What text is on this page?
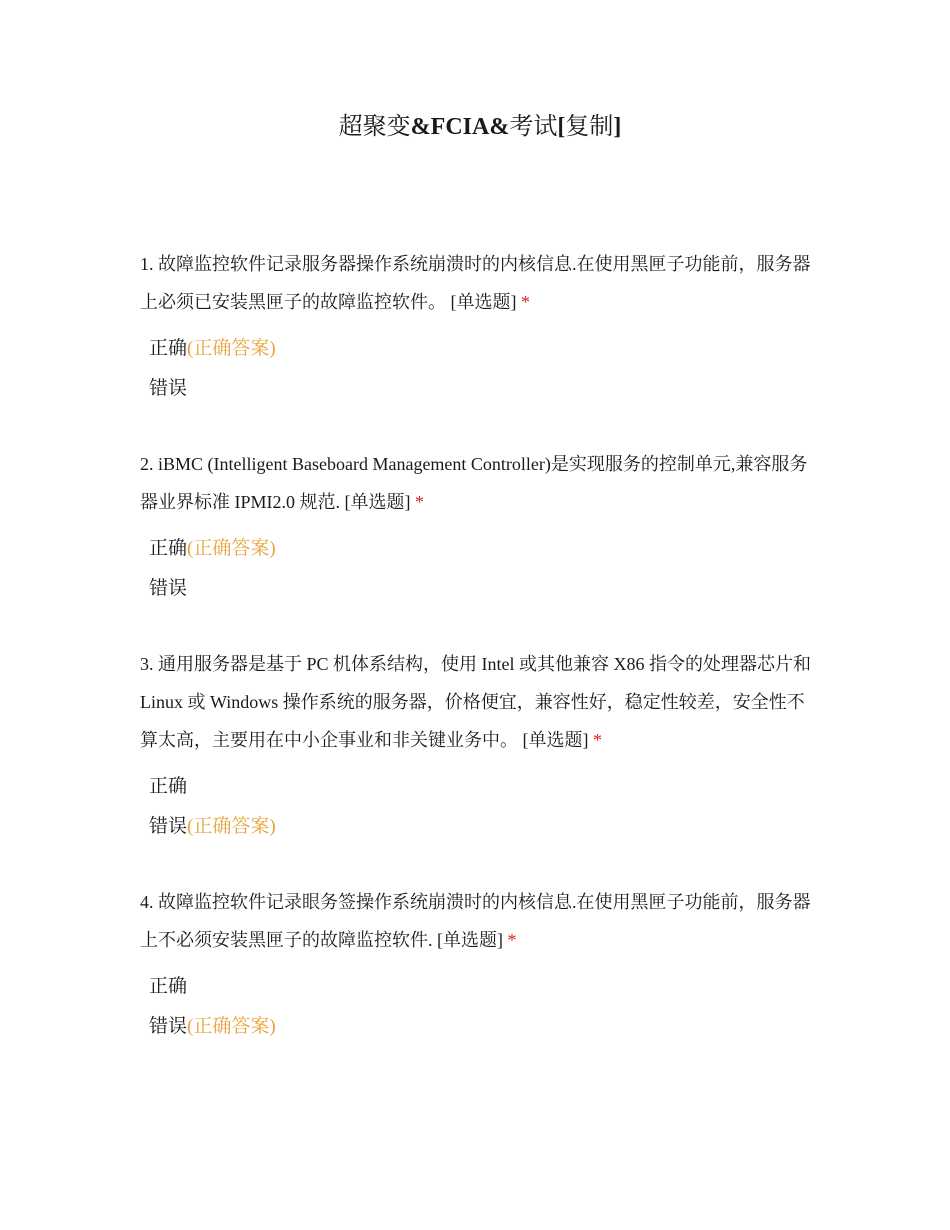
超聚变&FCIA&考试[复制]

1. 故障监控软件记录服务器操作系统崩溃时的内核信息.在使用黑匣子功能前，服务器上必须已安装黑匣子的故障监控软件。 [单选题] *

正确(正确答案)
错误

2. iBMC (Intelligent Baseboard Management Controller)是实现服务的控制单元,兼容服务器业界标准 IPMI2.0 规范. [单选题] *

正确(正确答案)
错误

3. 通用服务器是基于 PC 机体系结构，使用 Intel 或其他兼容 X86 指令的处理器芯片和 Linux 或 Windows 操作系统的服务器，价格便宜，兼容性好，稳定性较差，安全性不算太高，主要用在中小企事业和非关键业务中。 [单选题] *

正确
错误(正确答案)

4. 故障监控软件记录眼务签操作系统崩溃时的内核信息.在使用黑匣子功能前，服务器上不必须安装黑匣子的故障监控软件. [单选题] *

正确
错误(正确答案)
